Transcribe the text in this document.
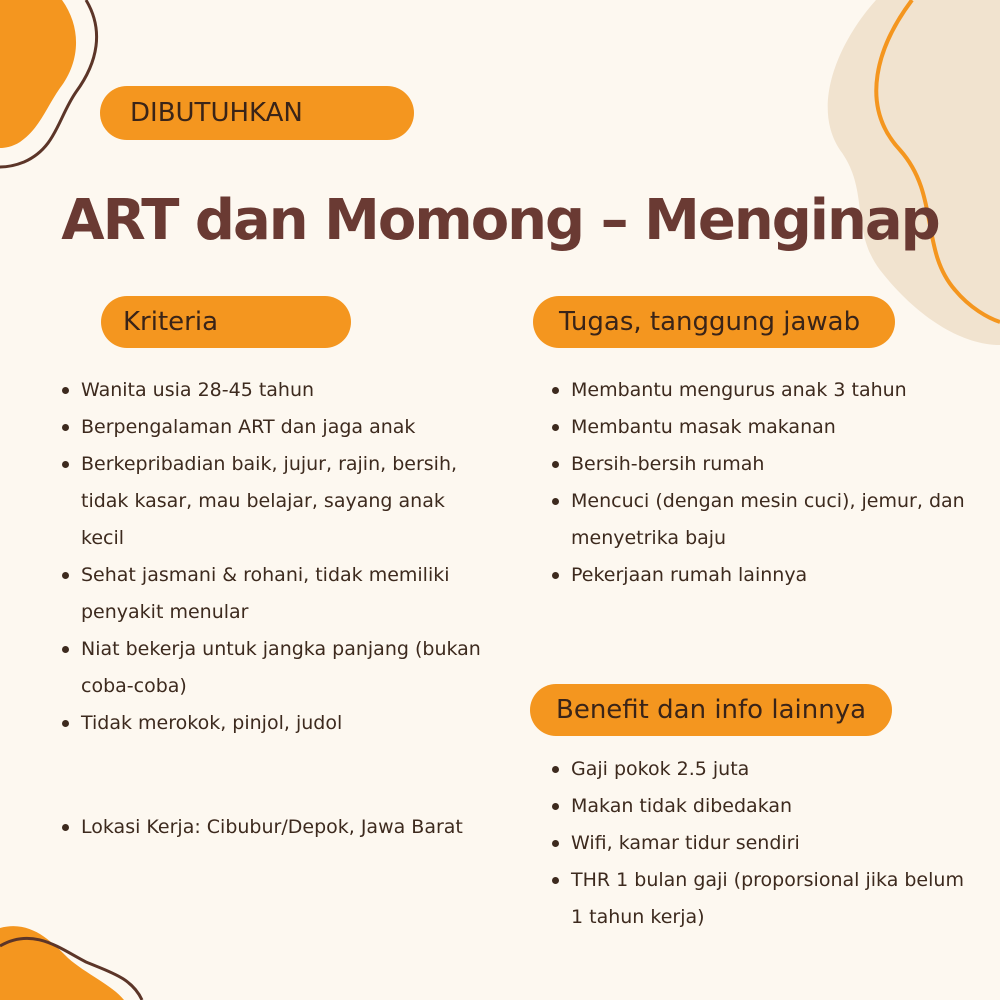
DIBUTUHKAN
ART dan Momong – Menginap
Kriteria	Tugas, tanggung jawab
Benefit dan info lainnya
Wanita usia 28-45 tahun
Berpengalaman ART dan jaga anak
Berkepribadian baik, jujur, rajin, bersih, tidak kasar, mau belajar, sayang anak kecil
Sehat jasmani & rohani, tidak memiliki penyakit menular
Niat bekerja untuk jangka panjang (bukan coba-coba)
Tidak merokok, pinjol, judol
Lokasi Kerja: Cibubur/Depok, Jawa Barat
Membantu mengurus anak 3 tahun
Membantu masak makanan
Bersih-bersih rumah
Mencuci (dengan mesin cuci), jemur, dan menyetrika baju
Pekerjaan rumah lainnya
Gaji pokok 2.5 juta
Makan tidak dibedakan
Wifi, kamar tidur sendiri
THR 1 bulan gaji (proporsional jika belum 1 tahun kerja)
